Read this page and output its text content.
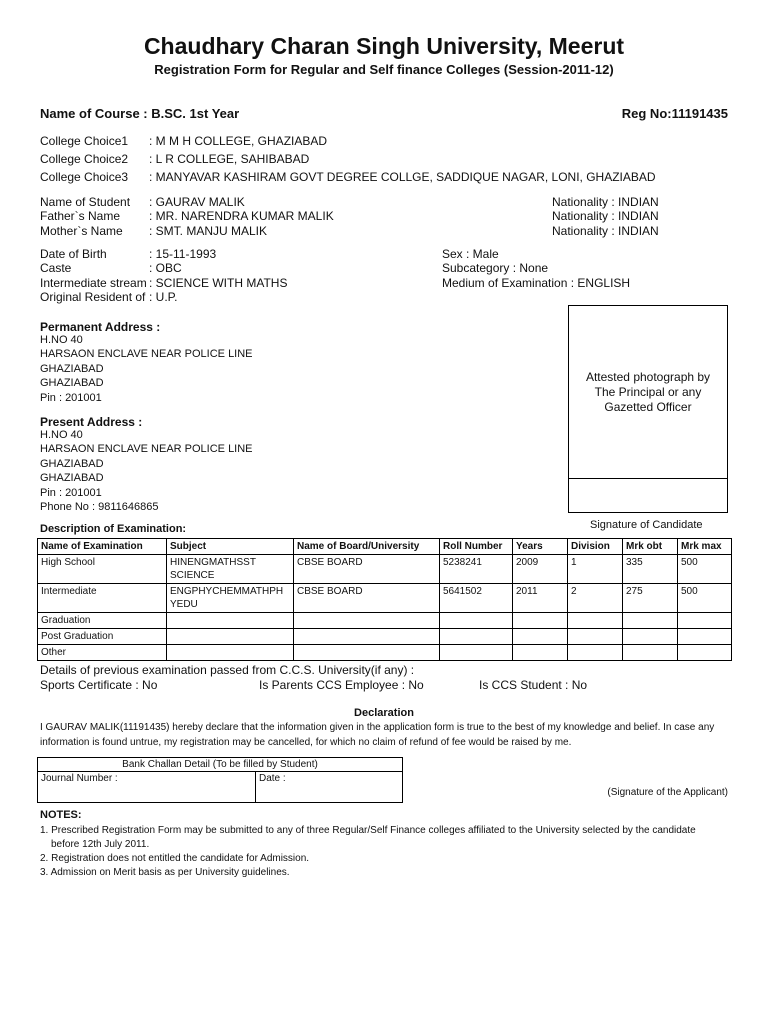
Chaudhary Charan Singh University, Meerut
Registration Form for Regular and Self finance Colleges (Session-2011-12)
Name of Course : B.SC. 1st Year	Reg No:11191435
College Choice1 : M M H COLLEGE, GHAZIABAD
College Choice2 : L R COLLEGE, SAHIBABAD
College Choice3 : MANYAVAR KASHIRAM GOVT DEGREE COLLGE, SADDIQUE NAGAR, LONI, GHAZIABAD
Name of Student : GAURAV MALIK	Nationality : INDIAN
Father`s Name : MR. NARENDRA KUMAR MALIK	Nationality : INDIAN
Mother`s Name : SMT. MANJU MALIK	Nationality : INDIAN
Date of Birth	: 15-11-1993	Sex : Male
Caste	: OBC	Subcategory : None
Intermediate stream : SCIENCE WITH MATHS	Medium of Examination : ENGLISH
Original Resident of : U.P.
Permanent Address :
H.NO 40
HARSAON ENCLAVE NEAR POLICE LINE
GHAZIABAD
GHAZIABAD
Pin : 201001
Present Address :
H.NO 40
HARSAON ENCLAVE NEAR POLICE LINE
GHAZIABAD
GHAZIABAD
Pin : 201001
Phone No : 9811646865
Attested photograph by
The Principal or any
Gazetted Officer
Signature of Candidate
Description of Examination:
Name of Examination	Subject	Name of Board/University	Roll Number	Years	Division	Mrk obt	Mrk max
High School	HINENGMATHSST
SCIENCE	CBSE BOARD	5238241	2009	1	335	500
Intermediate	ENGPHYCHEMMATHPH
YEDU	CBSE BOARD	5641502	2011	2	275	500
Graduation							
Post Graduation							
Other							
Details of previous examination passed from C.C.S. University(if any) :
Sports Certificate : No	Is Parents CCS Employee : No	Is CCS Student : No
Declaration
I GAURAV MALIK(11191435) hereby declare that the information given in the application form is true to the best of my knowledge and belief. In case any information is found untrue, my registration may be cancelled, for which no claim of refund of fee would be raised by me.
Bank Challan Detail (To be filled by Student)
Journal Number :	Date :
(Signature of the Applicant)
NOTES:
1. Prescribed Registration Form may be submitted to any of three Regular/Self Finance colleges affiliated to the University selected by the candidate
before 12th July 2011.
2. Registration does not entitled the candidate for Admission.
3. Admission on Merit basis as per University guidelines.
